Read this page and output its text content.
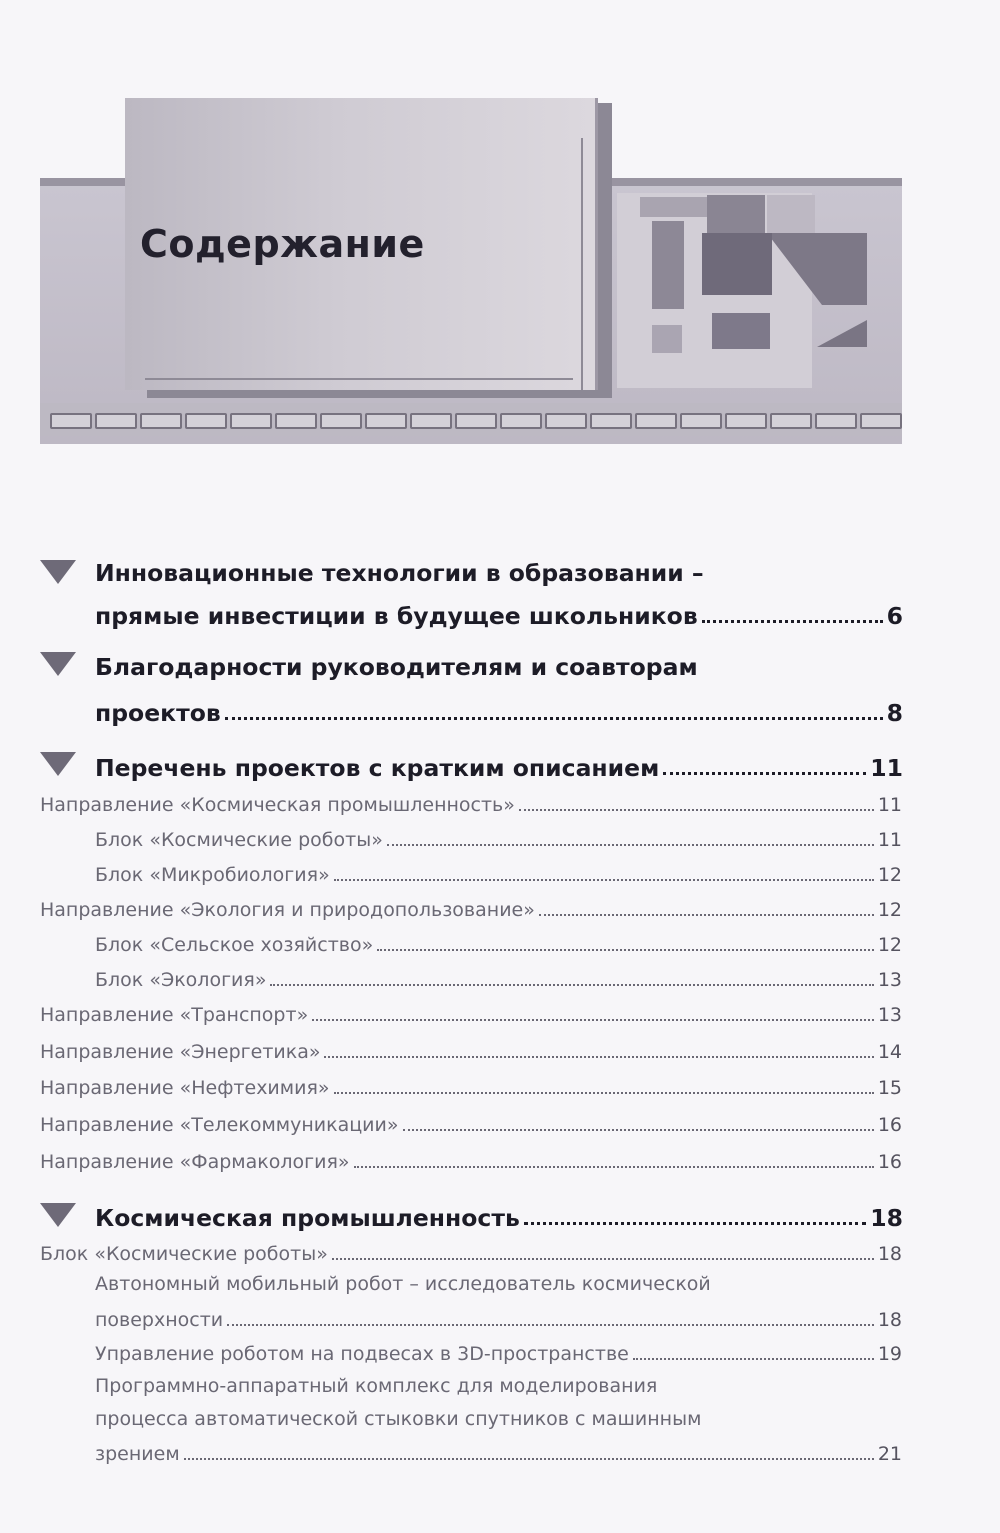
Содержание
Инновационные технологии в образовании –
прямые инвестиции в будущее школьников	6
Благодарности руководителям и соавторам
проектов	8
Перечень проектов с кратким описанием	11
Направление «Космическая промышленность»	11
Блок «Космические роботы»	11
Блок «Микробиология»	12
Направление «Экология и природопользование»	12
Блок «Сельское хозяйство»	12
Блок «Экология»	13
Направление «Транспорт»	13
Направление «Энергетика»	14
Направление «Нефтехимия»	15
Направление «Телекоммуникации»	16
Направление «Фармакология»	16
Космическая промышленность	18
Блок «Космические роботы»	18
Автономный мобильный робот – исследователь космической
поверхности	18
Управление роботом на подвесах в 3D-пространстве	19
Программно-аппаратный комплекс для моделирования
процесса автоматической стыковки спутников с машинным
зрением	21
